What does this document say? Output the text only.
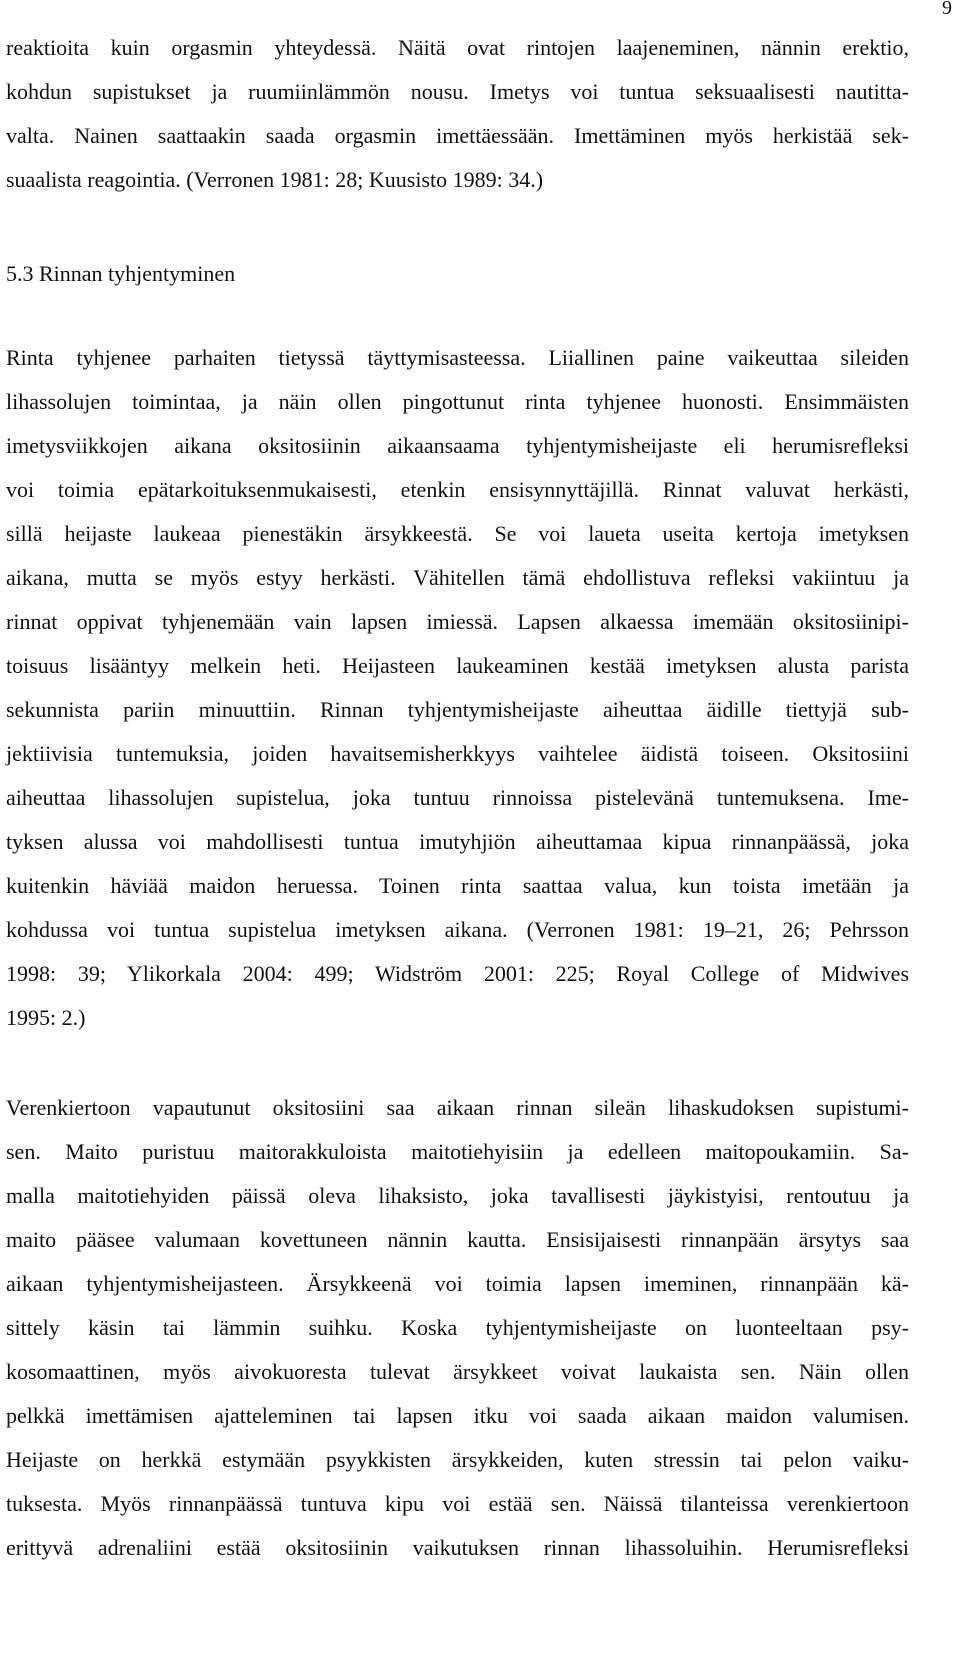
9
reaktioita kuin orgasmin yhteydessä. Näitä ovat rintojen laajeneminen, nännin erektio,
kohdun supistukset ja ruumiinlämmön nousu. Imetys voi tuntua seksuaalisesti nautitta-
valta. Nainen saattaakin saada orgasmin imettäessään. Imettäminen myös herkistää sek-
suaalista reagointia. (Verronen 1981: 28; Kuusisto 1989: 34.)
5.3 Rinnan tyhjentyminen
Rinta tyhjenee parhaiten tietyssä täyttymisasteessa. Liiallinen paine vaikeuttaa sileiden
lihassolujen toimintaa, ja näin ollen pingottunut rinta tyhjenee huonosti. Ensimmäisten
imetysviikkojen aikana oksitosiinin aikaansaama tyhjentymisheijaste eli herumisrefleksi
voi toimia epätarkoituksenmukaisesti, etenkin ensisynnyttäjillä. Rinnat valuvat herkästi,
sillä heijaste laukeaa pienestäkin ärsykkeestä. Se voi laueta useita kertoja imetyksen
aikana, mutta se myös estyy herkästi. Vähitellen tämä ehdollistuva refleksi vakiintuu ja
rinnat oppivat tyhjenemään vain lapsen imiessä. Lapsen alkaessa imemään oksitosiinipi-
toisuus lisääntyy melkein heti. Heijasteen laukeaminen kestää imetyksen alusta parista
sekunnista pariin minuuttiin. Rinnan tyhjentymisheijaste aiheuttaa äidille tiettyjä sub-
jektiivisia tuntemuksia, joiden havaitsemisherkkyys vaihtelee äidistä toiseen. Oksitosiini
aiheuttaa lihassolujen supistelua, joka tuntuu rinnoissa pistelevänä tuntemuksena. Ime-
tyksen alussa voi mahdollisesti tuntua imutyhjiön aiheuttamaa kipua rinnanpäässä, joka
kuitenkin häviää maidon heruessa. Toinen rinta saattaa valua, kun toista imetään ja
kohdussa voi tuntua supistelua imetyksen aikana. (Verronen 1981: 19–21, 26; Pehrsson
1998: 39; Ylikorkala 2004: 499; Widström 2001: 225; Royal College of Midwives
1995: 2.)
Verenkiertoon vapautunut oksitosiini saa aikaan rinnan sileän lihaskudoksen supistumi-
sen. Maito puristuu maitorakkuloista maitotiehyisiin ja edelleen maitopoukamiin. Sa-
malla maitotiehyiden päissä oleva lihaksisto, joka tavallisesti jäykistyisi, rentoutuu ja
maito pääsee valumaan kovettuneen nännin kautta. Ensisijaisesti rinnanpään ärsytys saa
aikaan tyhjentymisheijasteen. Ärsykkeenä voi toimia lapsen imeminen, rinnanpään kä-
sittely käsin tai lämmin suihku. Koska tyhjentymisheijaste on luonteeltaan psy-
kosomaattinen, myös aivokuoresta tulevat ärsykkeet voivat laukaista sen. Näin ollen
pelkkä imettämisen ajatteleminen tai lapsen itku voi saada aikaan maidon valumisen.
Heijaste on herkkä estymään psyykkisten ärsykkeiden, kuten stressin tai pelon vaiku-
tuksesta. Myös rinnanpäässä tuntuva kipu voi estää sen. Näissä tilanteissa verenkiertoon
erittyvä adrenaliini estää oksitosiinin vaikutuksen rinnan lihassoluihin. Herumisrefleksi
